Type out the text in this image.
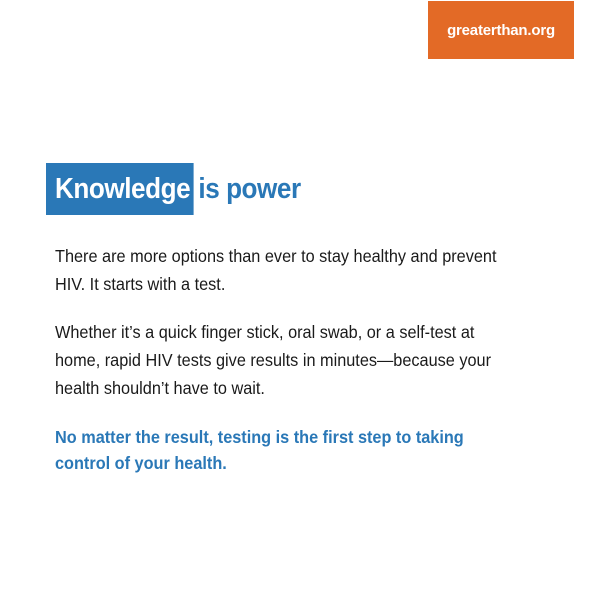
greaterthan.org
Knowledge is power

There are more options than ever to stay healthy and prevent HIV. It starts with a test.

Whether it’s a quick finger stick, oral swab, or a self-test at home, rapid HIV tests give results in minutes—because your health shouldn’t have to wait.

No matter the result, testing is the first step to taking control of your health.
